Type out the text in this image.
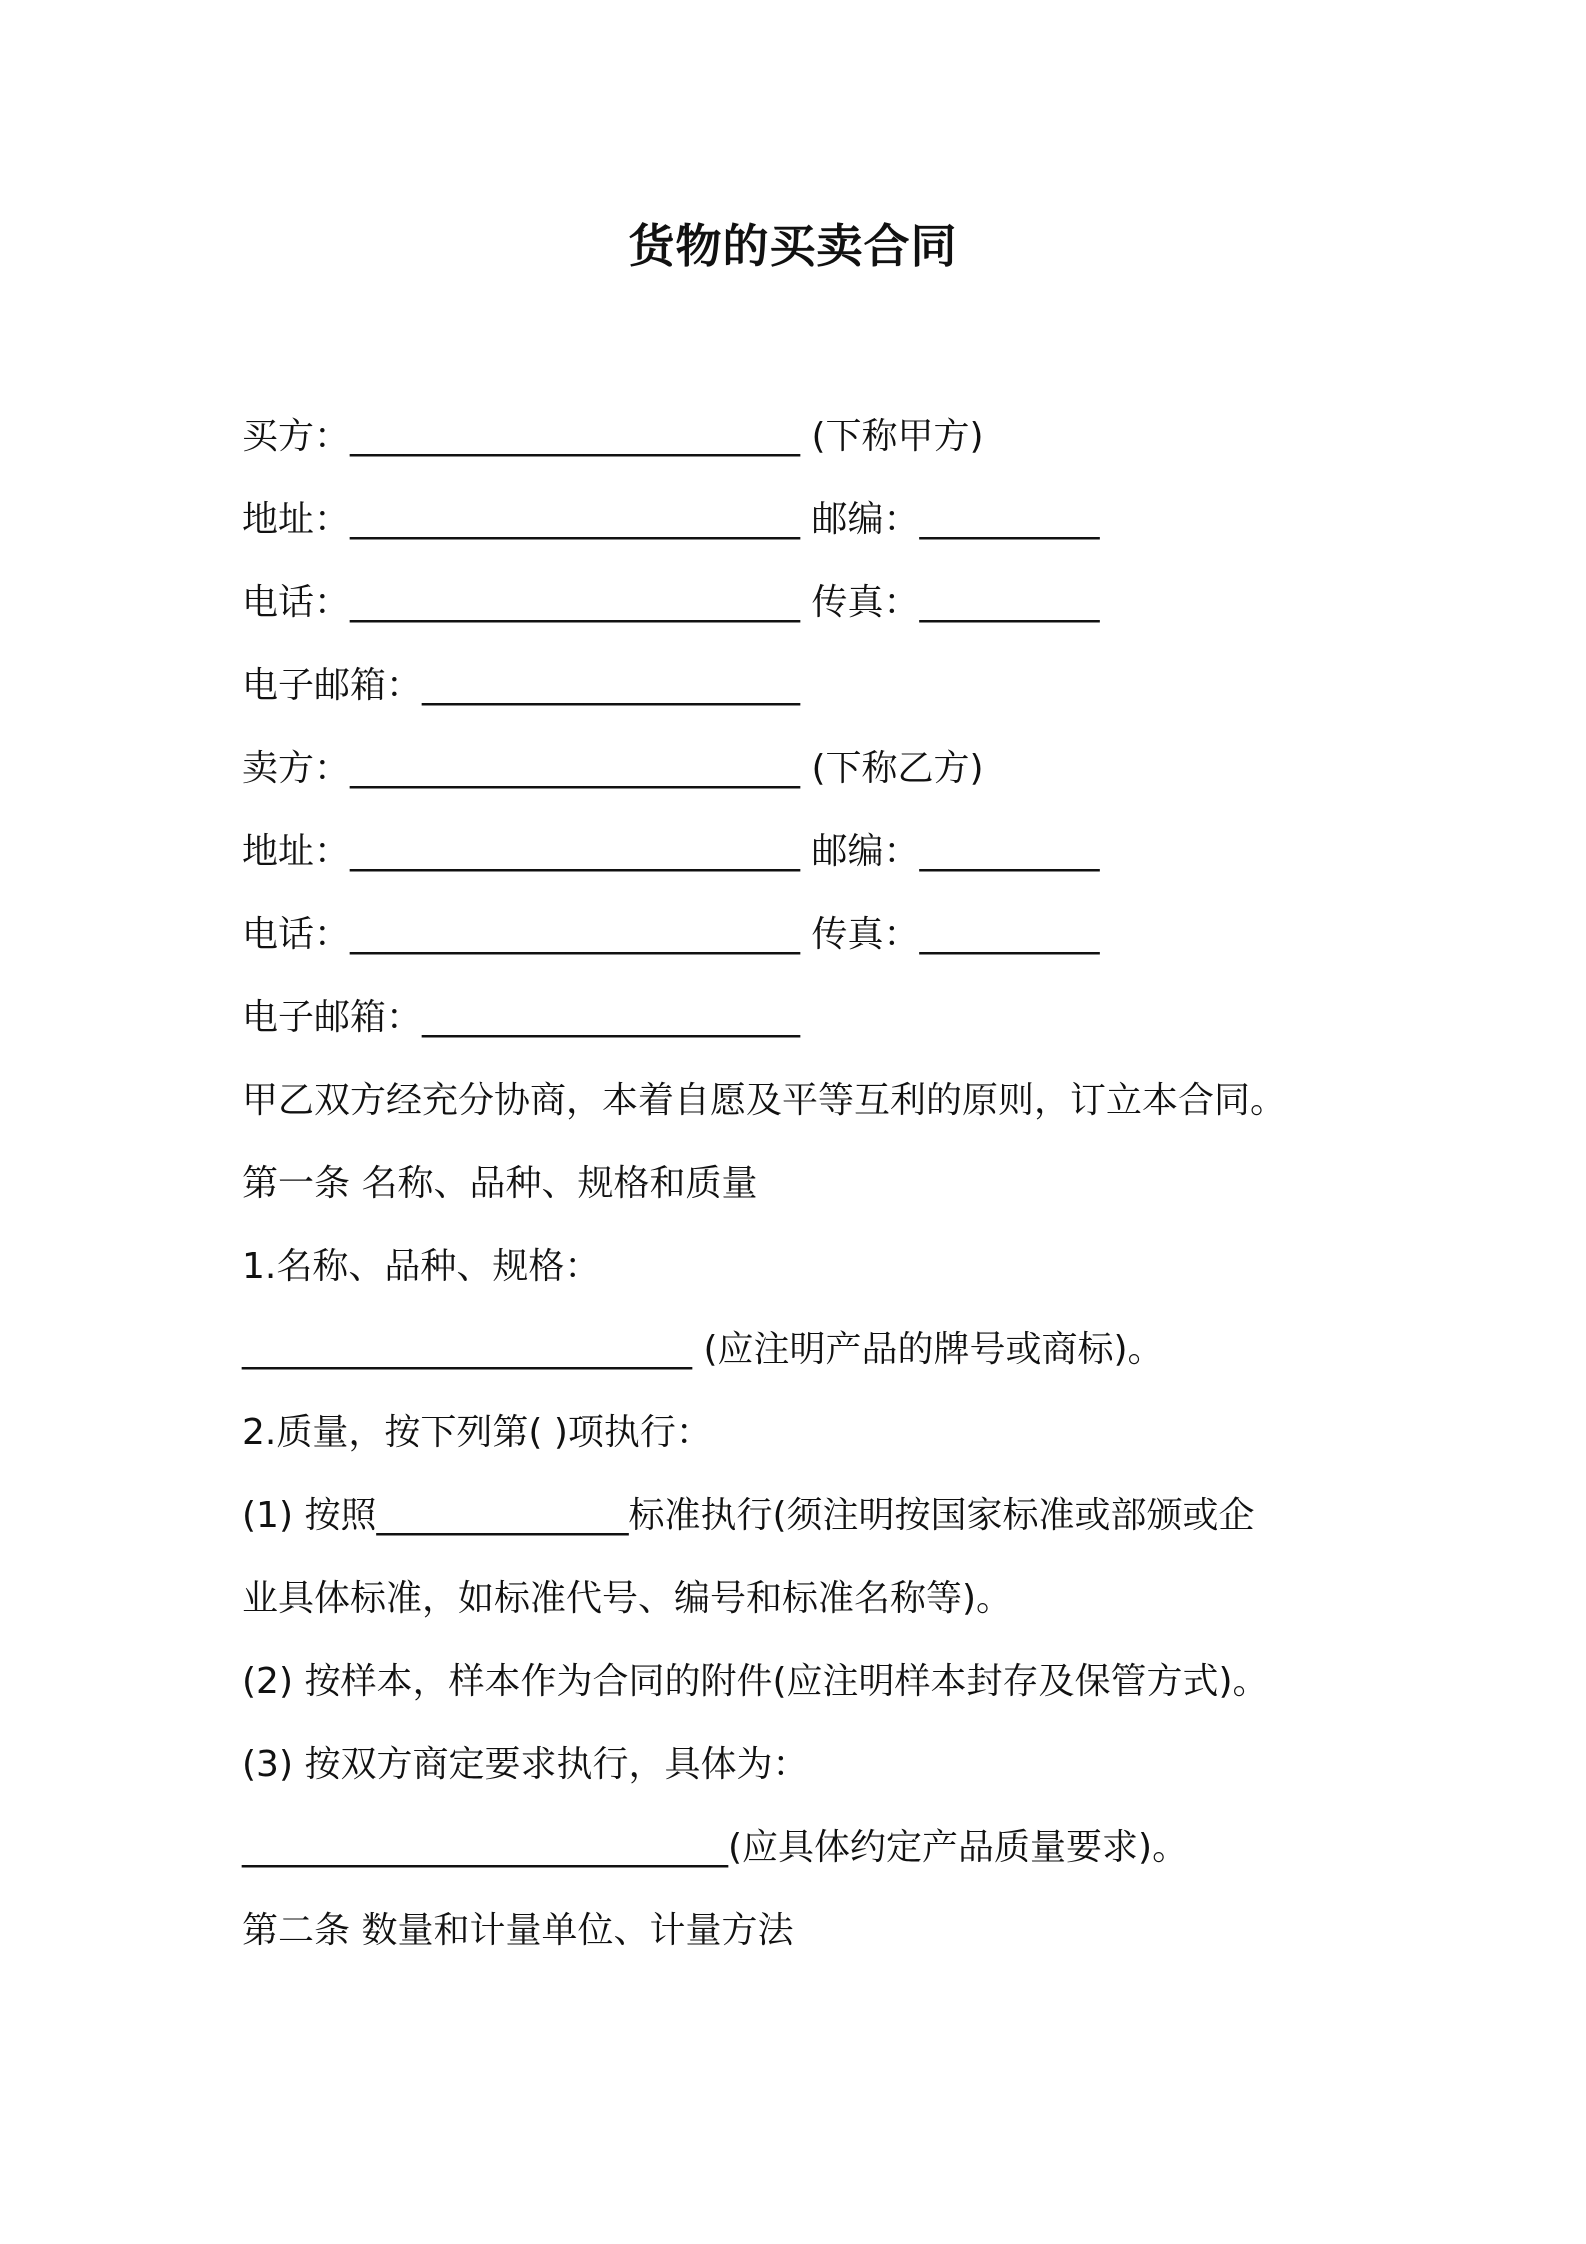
货物的买卖合同
买方：_________________________ (下称甲方)
地址：_________________________ 邮编：__________
电话：_________________________ 传真：__________
电子邮箱：_____________________
卖方：_________________________ (下称乙方)
地址：_________________________ 邮编：__________
电话：_________________________ 传真：__________
电子邮箱：_____________________
甲乙双方经充分协商，本着自愿及平等互利的原则，订立本合同。
第一条 名称、品种、规格和质量
1.名称、品种、规格：
_________________________ (应注明产品的牌号或商标)。
2.质量，按下列第( )项执行：
(1) 按照______________标准执行(须注明按国家标准或部颁或企
业具体标准，如标准代号、编号和标准名称等)。
(2) 按样本，样本作为合同的附件(应注明样本封存及保管方式)。
(3) 按双方商定要求执行，具体为：
___________________________(应具体约定产品质量要求)。
第二条 数量和计量单位、计量方法
